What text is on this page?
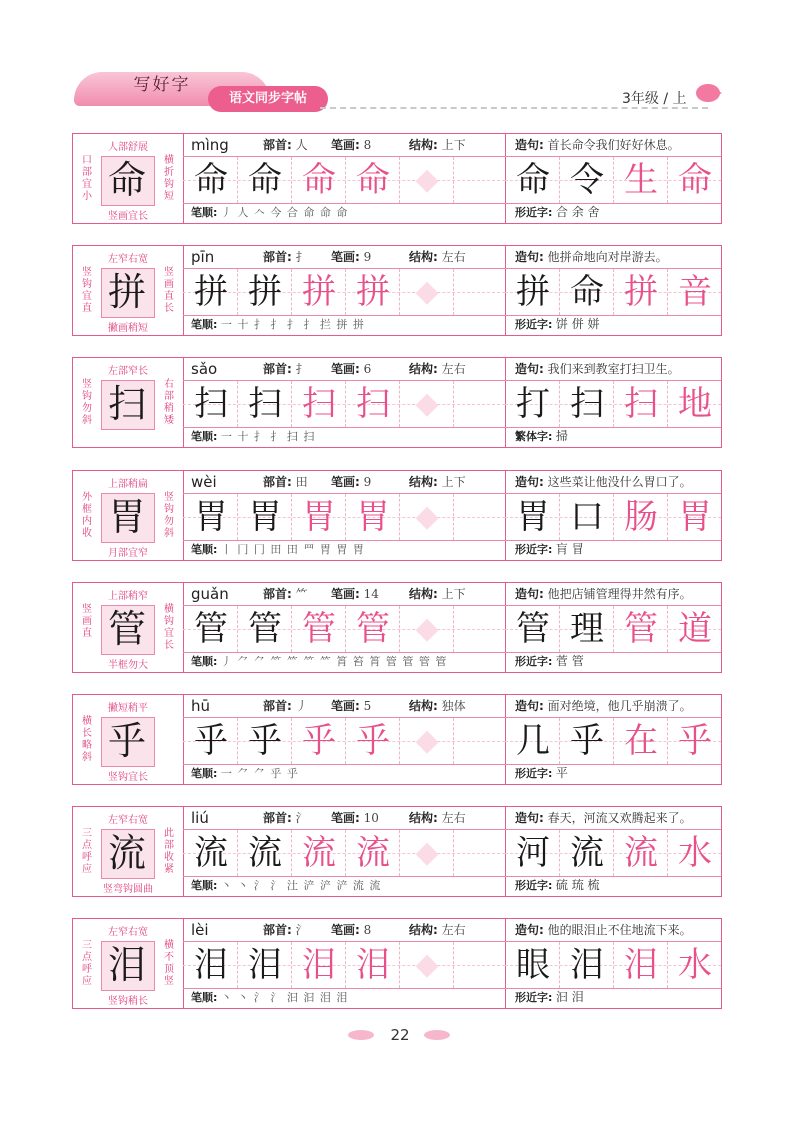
写好字
语文同步字帖	3年级 / 上
人部舒展
口部宜小 命	横折钩短
竖画宜长
mìng	部首: 人 笔画: 8	结构: 上下
命 命 命 命 ◆
笔顺: 丿 人 𠆢 今 合 命 命 命
造句: 首长命令我们好好休息。
命 令 生 命
形近字: 合 余 舍
左窄右宽
竖钩宜直 拼	竖画直长
撇画稍短
pīn	部首: 扌 笔画: 9	结构: 左右
拼 拼 拼 拼 ◆
笔顺: 一 十 扌 扌 扌 扌 拦 拼 拼
造句: 他拼命地向对岸游去。
拼 命 拼 音
形近字: 饼 併 姘
左部窄长
竖钩勿斜 扫	右部稍矮
sǎo	部首: 扌 笔画: 6	结构: 左右
扫 扫 扫 扫 ◆
笔顺: 一 十 扌 扌 扫 扫
造句: 我们来到教室打扫卫生。
打 扫 扫 地
繁体字: 掃
上部稍扁
外框内收 胃	竖钩勿斜
月部宜窄
wèi	部首: 田 笔画: 9	结构: 上下
胃 胃 胃 胃 ◆
笔顺: 丨 冂 冂 田 田 罒 胃 胃 胃
造句: 这些菜让他没什么胃口了。
胃 口 肠 胃
形近字: 肓 冒
上部稍窄
竖画直 管	横钩宜长
半框勿大
guǎn	部首: ⺮ 笔画: 14	结构: 上下
管 管 管 管 ◆
笔顺: 丿 ⺈ ⺈ ⺮ ⺮ ⺮ ⺮ 筲 笞 筲 管 管 管 管
造句: 他把店铺管理得井然有序。
管 理 管 道
形近字: 菅 管
撇短稍平
横长略斜 乎
竖钩宜长
hū	部首: 丿 笔画: 5	结构: 独体
乎 乎 乎 乎 ◆
笔顺: 一 ⺈ ⺈ 乎 乎
造句: 面对绝境，他几乎崩溃了。
几 乎 在 乎
形近字: 平
左窄右宽
三点呼应 流	此部收紧
竖弯钩圆曲
liú	部首: 氵 笔画: 10	结构: 左右
流 流 流 流 ◆
笔顺: 丶 丶 氵 氵 汢 浐 浐 浐 流 流
造句: 春天，河流又欢腾起来了。
河 流 流 水
形近字: 硫 琉 梳
左窄右宽
三点呼应 泪	横不顶竖
竖钩稍长
lèi	部首: 氵 笔画: 8	结构: 左右
泪 泪 泪 泪 ◆
笔顺: 丶 丶 氵 氵 汩 汩 泪 泪
造句: 他的眼泪止不住地流下来。
眼 泪 泪 水
形近字: 汩 泪
22
